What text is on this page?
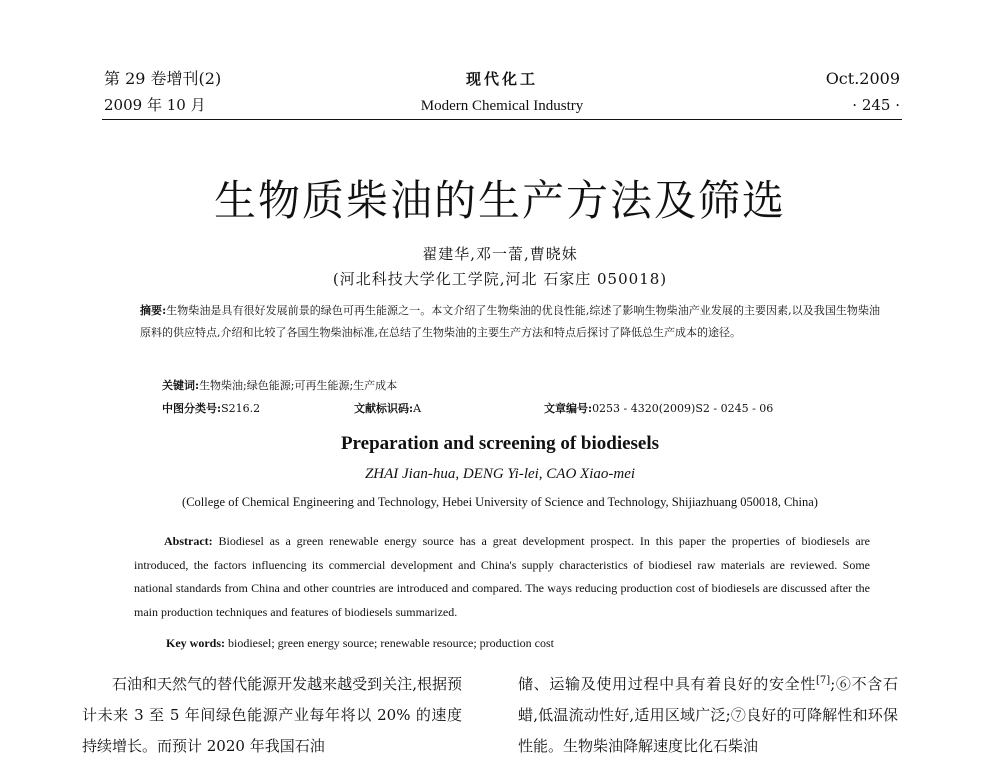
第 29 卷增刊(2)	现代化工	Oct.2009
2009 年 10 月	Modern Chemical Industry	· 245 ·
生物质柴油的生产方法及筛选
翟建华,邓一蕾,曹晓妹
(河北科技大学化工学院,河北 石家庄 050018)
摘要:生物柴油是具有很好发展前景的绿色可再生能源之一。本文介绍了生物柴油的优良性能,综述了影响生物柴油产业发展的主要因素,以及我国生物柴油原料的供应特点,介绍和比较了各国生物柴油标准,在总结了生物柴油的主要生产方法和特点后探讨了降低总生产成本的途径。
关键词:生物柴油;绿色能源;可再生能源;生产成本
中图分类号:S216.2	文献标识码:A	文章编号:0253 - 4320(2009)S2 - 0245 - 06
Preparation and screening of biodiesels
ZHAI Jian-hua, DENG Yi-lei, CAO Xiao-mei
(College of Chemical Engineering and Technology, Hebei University of Science and Technology, Shijiazhuang 050018, China)
Abstract: Biodiesel as a green renewable energy source has a great development prospect. In this paper the properties of biodiesels are introduced, the factors influencing its commercial development and China's supply characteristics of biodiesel raw materials are reviewed. Some national standards from China and other countries are introduced and compared. The ways reducing production cost of biodiesels are discussed after the main production techniques and features of biodiesels summarized.
Key words: biodiesel; green energy source; renewable resource; production cost
石油和天然气的替代能源开发越来越受到关注,根据预计未来 3 至 5 年间绿色能源产业每年将以 20% 的速度持续增长。而预计 2020 年我国石油
储、运输及使用过程中具有着良好的安全性[7];⑥不含石蜡,低温流动性好,适用区域广泛;⑦良好的可降解性和环保性能。生物柴油降解速度比化石柴油
